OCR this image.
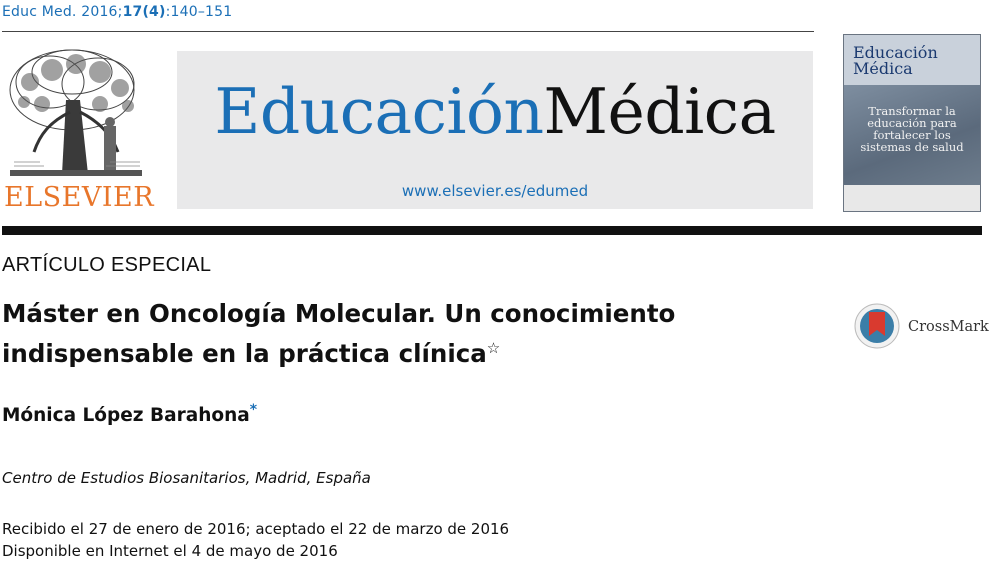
Educ Med. 2016;17(4):140–151
ELSEVIER
EducaciónMédica
www.elsevier.es/edumed
Educación
Médica
Transformar la educación para fortalecer los sistemas de salud
ARTÍCULO ESPECIAL
Máster en Oncología Molecular. Un conocimiento indispensable en la práctica clínica☆
CrossMark
Mónica López Barahona*
Centro de Estudios Biosanitarios, Madrid, España
Recibido el 27 de enero de 2016; aceptado el 22 de marzo de 2016
Disponible en Internet el 4 de mayo de 2016
